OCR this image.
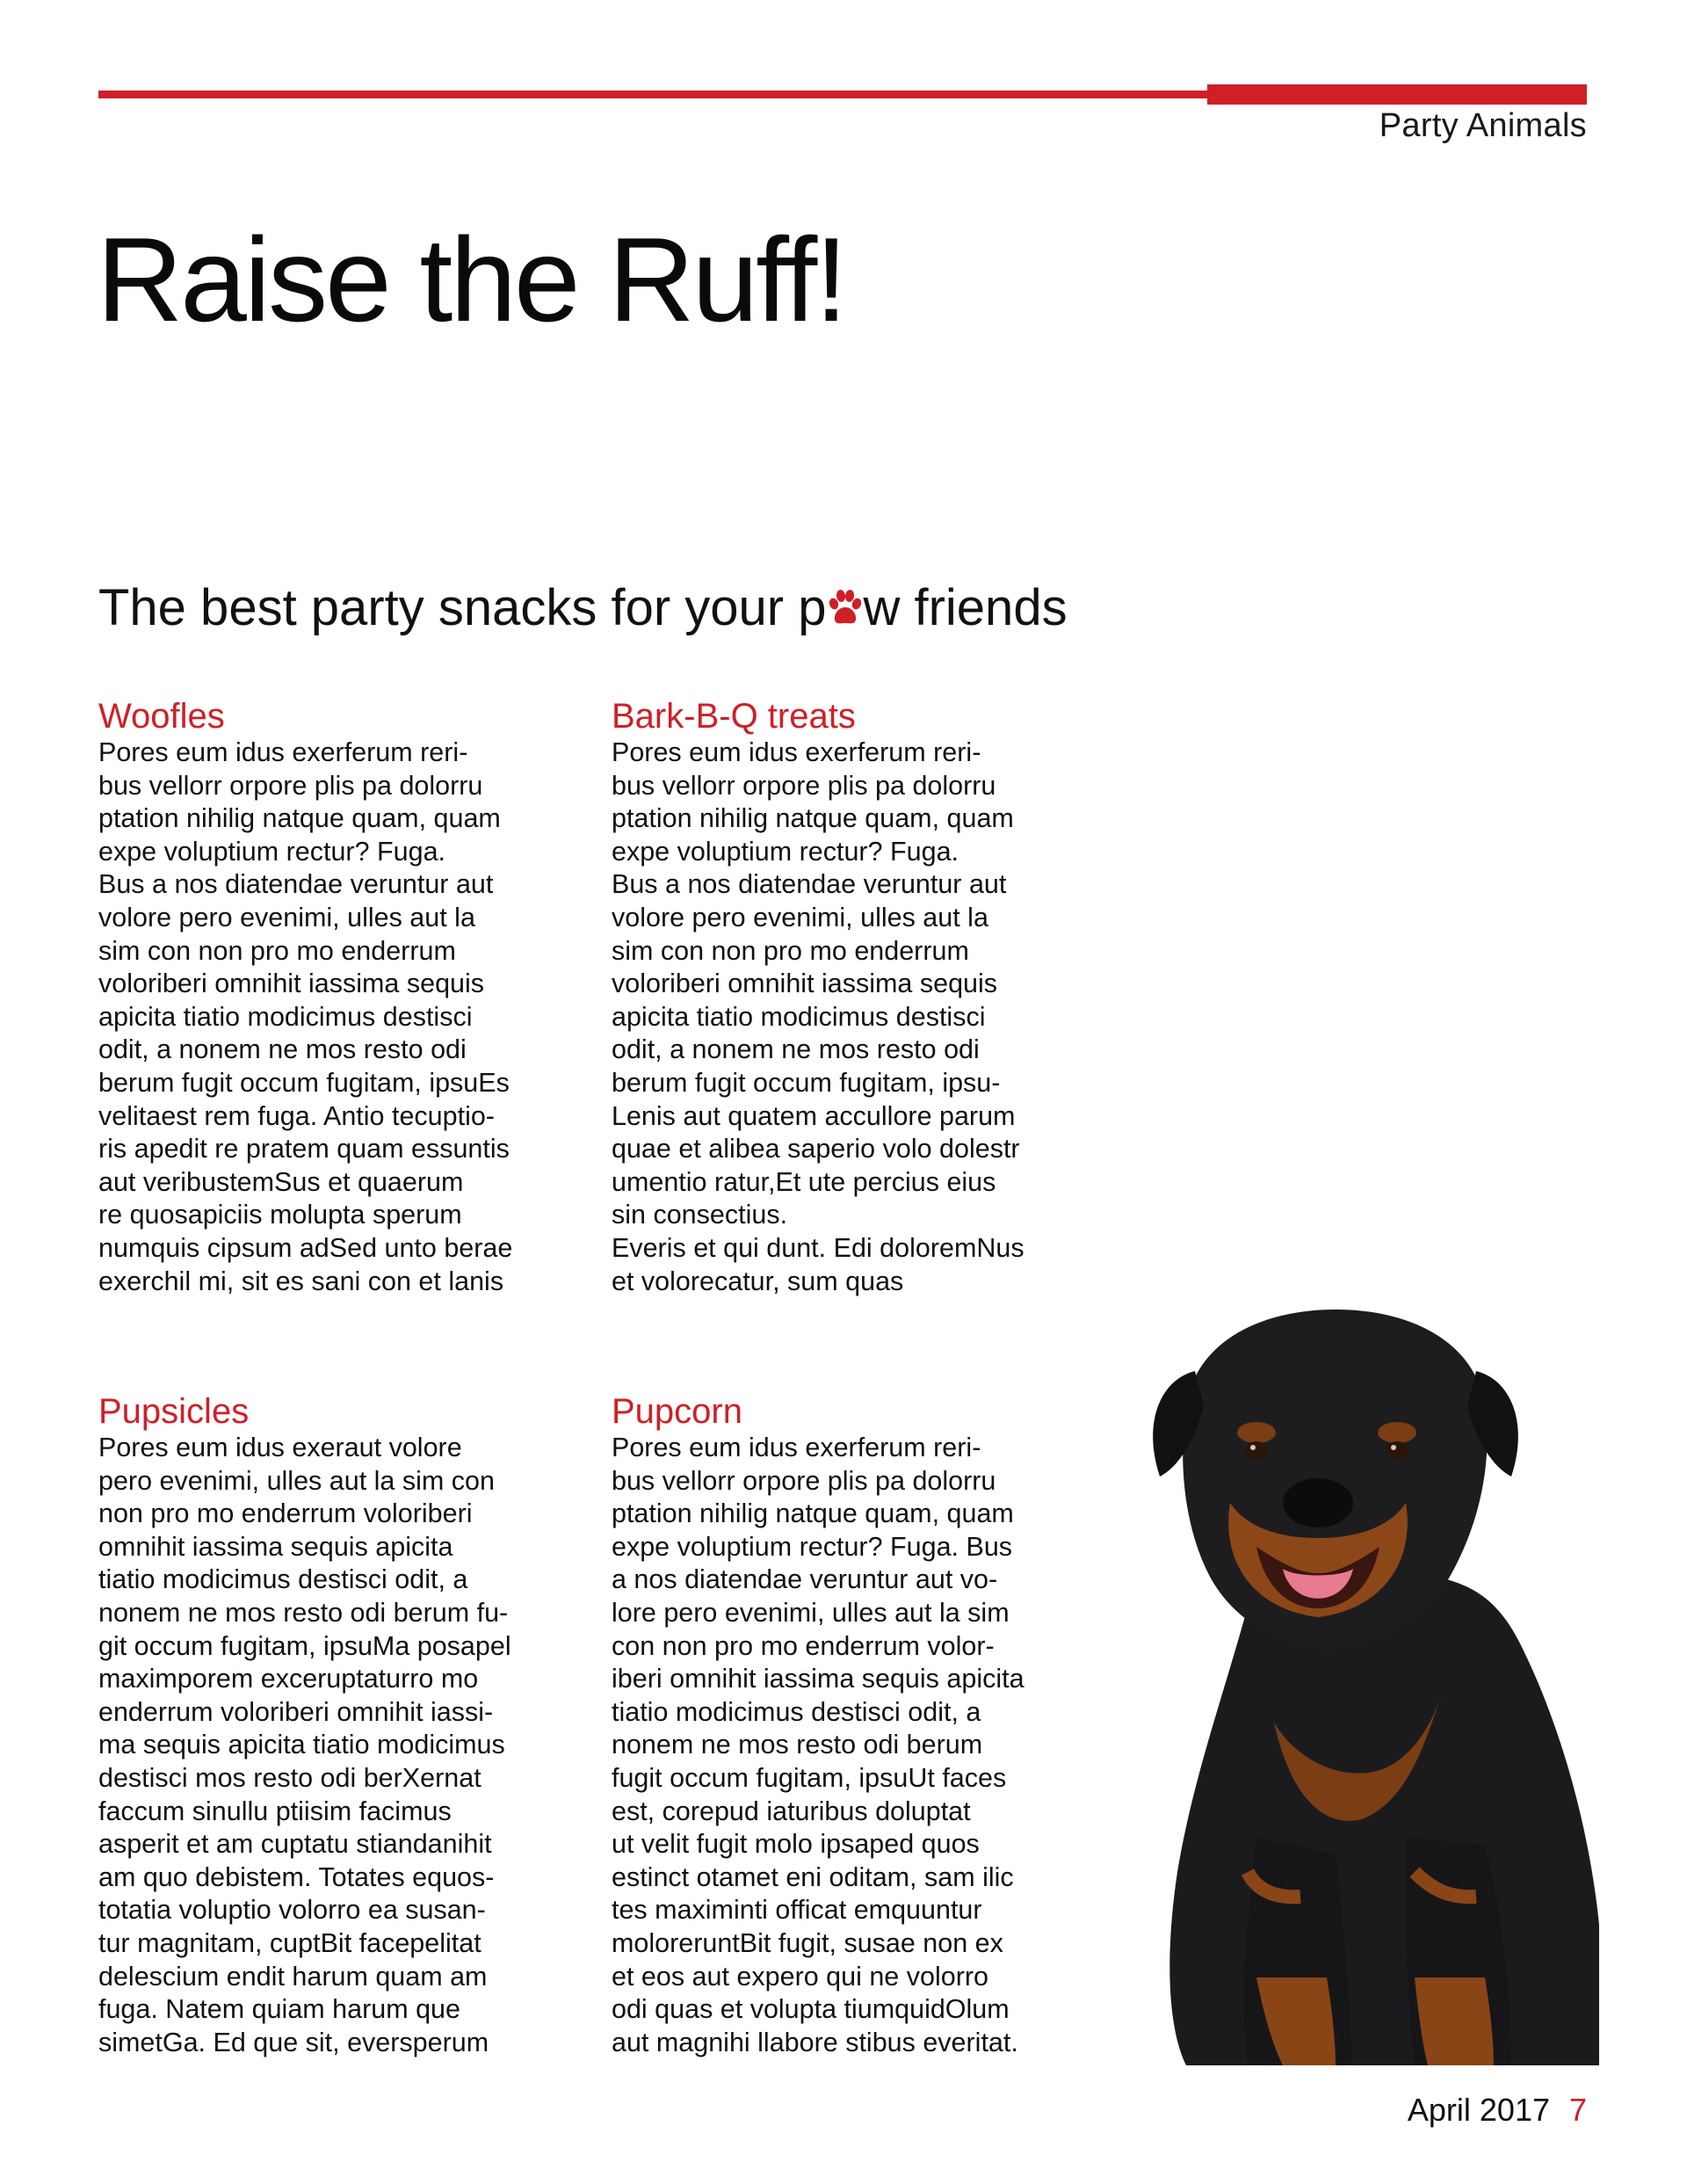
Party Animals
Raise the Ruff!
The best party snacks for your p w friends
Woofles

Pores eum idus exerferum reri-
bus vellorr orpore plis pa dolorru
ptation nihilig natque quam, quam
expe voluptium rectur? Fuga.

Bus a nos diatendae veruntur aut
volore pero evenimi, ulles aut la
sim con non pro mo enderrum
voloriberi omnihit iassima sequis
apicita tiatio modicimus destisci
odit, a nonem ne mos resto odi
berum fugit occum fugitam, ipsuEs
velitaest rem fuga. Antio tecuptio-
ris apedit re pratem quam essuntis
aut veribustemSus et quaerum
re quosapiciis molupta sperum
numquis cipsum adSed unto berae
exerchil mi, sit es sani con et lanis

Bark-B-Q treats

Pores eum idus exerferum reri-
bus vellorr orpore plis pa dolorru
ptation nihilig natque quam, quam
expe voluptium rectur? Fuga.

Bus a nos diatendae veruntur aut
volore pero evenimi, ulles aut la
sim con non pro mo enderrum
voloriberi omnihit iassima sequis
apicita tiatio modicimus destisci
odit, a nonem ne mos resto odi
berum fugit occum fugitam, ipsu-
Lenis aut quatem accullore parum
quae et alibea saperio volo dolestr
umentio ratur,Et ute percius eius
sin consectius.

Everis et qui dunt. Edi doloremNus
et volorecatur, sum quas

Pupsicles

Pores eum idus exeraut volore
pero evenimi, ulles aut la sim con
non pro mo enderrum voloriberi
omnihit iassima sequis apicita
tiatio modicimus destisci odit, a
nonem ne mos resto odi berum fu-
git occum fugitam, ipsuMa posapel
maximporem exceruptaturro mo
enderrum voloriberi omnihit iassi-
ma sequis apicita tiatio modicimus
destisci mos resto odi berXernat
faccum sinullu ptiisim facimus
asperit et am cuptatu stiandanihit
am quo debistem. Totates equos-
totatia voluptio volorro ea susan-
tur magnitam, cuptBit facepelitat
delescium endit harum quam am
fuga. Natem quiam harum que
simetGa. Ed que sit, eversperum

Pupcorn

Pores eum idus exerferum reri-
bus vellorr orpore plis pa dolorru
ptation nihilig natque quam, quam
expe voluptium rectur? Fuga. Bus
a nos diatendae veruntur aut vo-
lore pero evenimi, ulles aut la sim
con non pro mo enderrum volor-
iberi omnihit iassima sequis apicita
tiatio modicimus destisci odit, a
nonem ne mos resto odi berum
fugit occum fugitam, ipsuUt faces
est, corepud iaturibus doluptat
ut velit fugit molo ipsaped quos
estinct otamet eni oditam, sam ilic
tes maximinti officat emquuntur
moloreruntBit fugit, susae non ex
et eos aut expero qui ne volorro
odi quas et volupta tiumquidOlum
aut magnihi llabore stibus everitat.

April 2017 7
